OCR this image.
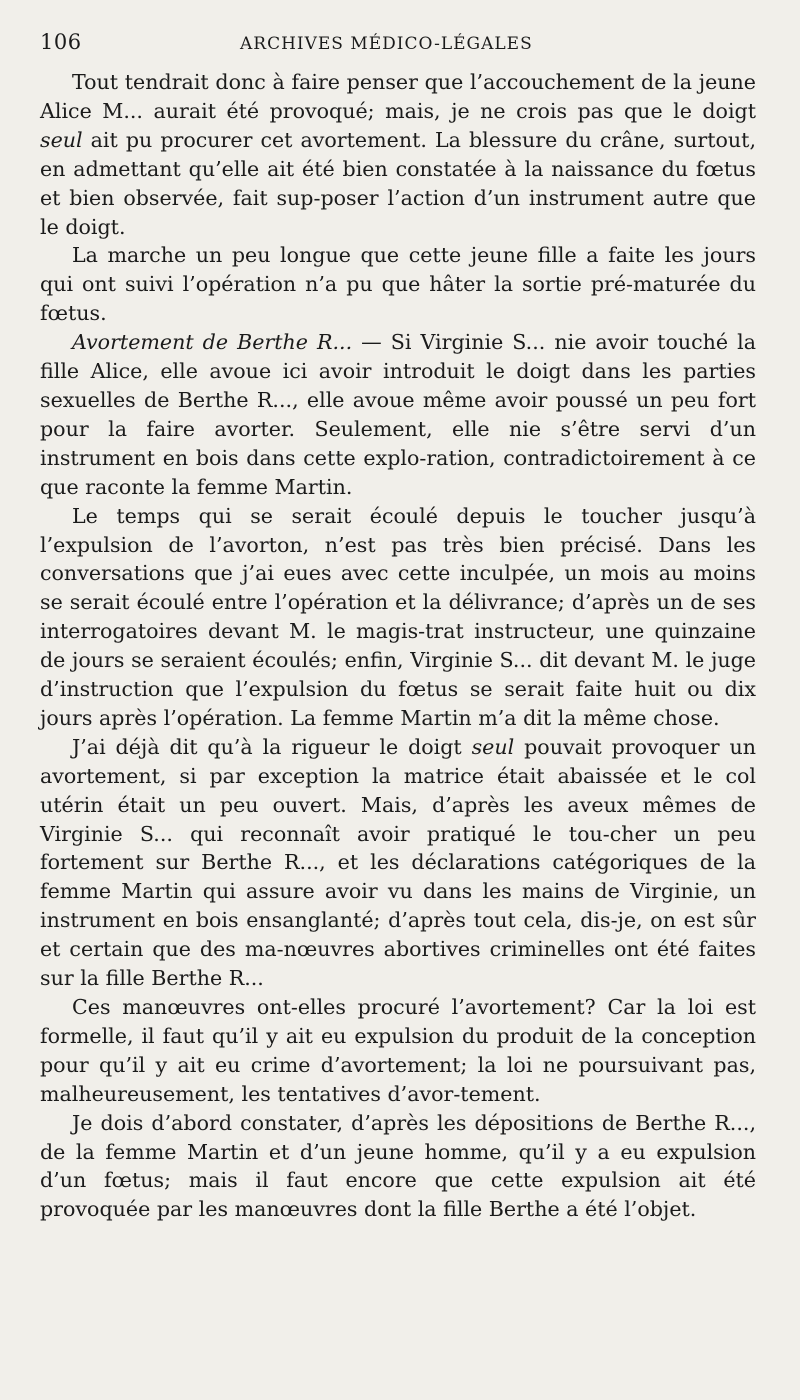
106	ARCHIVES MÉDICO-LÉGALES

Tout tendrait donc à faire penser que l’accouchement de la jeune Alice M... aurait été provoqué; mais, je ne crois pas que le doigt seul ait pu procurer cet avortement. La blessure du crâne, surtout, en admettant qu’elle ait été bien constatée à la naissance du fœtus et bien observée, fait sup-poser l’action d’un instrument autre que le doigt.

La marche un peu longue que cette jeune fille a faite les jours qui ont suivi l’opération n’a pu que hâter la sortie pré-maturée du fœtus.

Avortement de Berthe R... — Si Virginie S... nie avoir touché la fille Alice, elle avoue ici avoir introduit le doigt dans les parties sexuelles de Berthe R..., elle avoue même avoir poussé un peu fort pour la faire avorter. Seulement, elle nie s’être servi d’un instrument en bois dans cette explo-ration, contradictoirement à ce que raconte la femme Martin.

Le temps qui se serait écoulé depuis le toucher jusqu’à l’expulsion de l’avorton, n’est pas très bien précisé. Dans les conversations que j’ai eues avec cette inculpée, un mois au moins se serait écoulé entre l’opération et la délivrance; d’après un de ses interrogatoires devant M. le magis-trat instructeur, une quinzaine de jours se seraient écoulés; enfin, Virginie S... dit devant M. le juge d’instruction que l’expulsion du fœtus se serait faite huit ou dix jours après l’opération. La femme Martin m’a dit la même chose.

J’ai déjà dit qu’à la rigueur le doigt seul pouvait provoquer un avortement, si par exception la matrice était abaissée et le col utérin était un peu ouvert. Mais, d’après les aveux mêmes de Virginie S... qui reconnaît avoir pratiqué le tou-cher un peu fortement sur Berthe R..., et les déclarations catégoriques de la femme Martin qui assure avoir vu dans les mains de Virginie, un instrument en bois ensanglanté; d’après tout cela, dis-je, on est sûr et certain que des ma-nœuvres abortives criminelles ont été faites sur la fille Berthe R...

Ces manœuvres ont-elles procuré l’avortement? Car la loi est formelle, il faut qu’il y ait eu expulsion du produit de la conception pour qu’il y ait eu crime d’avortement; la loi ne poursuivant pas, malheureusement, les tentatives d’avor-tement.

Je dois d’abord constater, d’après les dépositions de Berthe R..., de la femme Martin et d’un jeune homme, qu’il y a eu expulsion d’un fœtus; mais il faut encore que cette expulsion ait été provoquée par les manœuvres dont la fille Berthe a été l’objet.
